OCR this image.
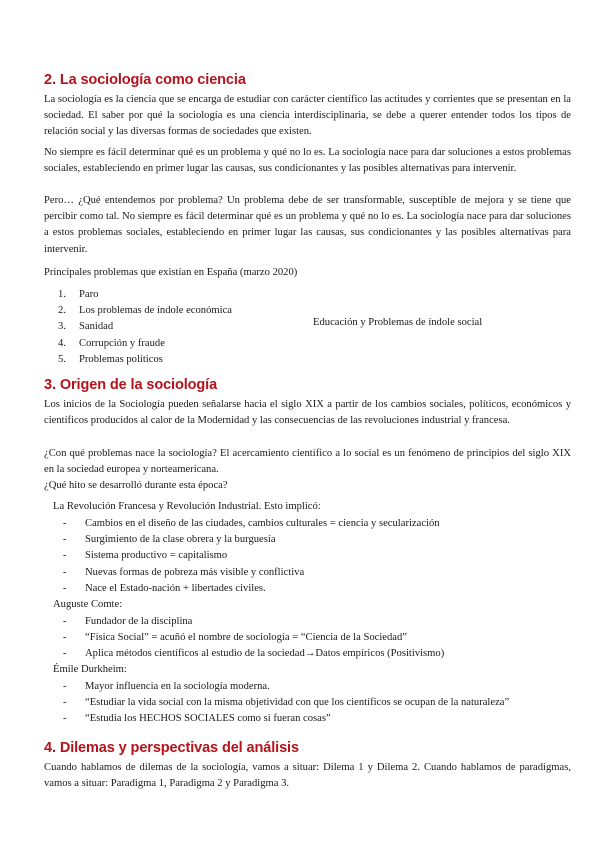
2. La sociología como ciencia

La sociología es la ciencia que se encarga de estudiar con carácter científico las actitudes y corrientes que se presentan en la sociedad. El saber por qué la sociología es una ciencia interdisciplinaria, se debe a querer entender todos los tipos de relación social y las diversas formas de sociedades que existen.

No siempre es fácil determinar qué es un problema y qué no lo es. La sociología nace para dar soluciones a estos problemas sociales, estableciendo en primer lugar las causas, sus condicionantes y las posibles alternativas para intervenir.

Pero… ¿Qué entendemos por problema? Un problema debe de ser transformable, susceptible de mejora y se tiene que percibir como tal. No siempre es fácil determinar qué es un problema y qué no lo es. La sociología nace para dar soluciones a estos problemas sociales, estableciendo en primer lugar las causas, sus condicionantes y las posibles alternativas para intervenir.

Principales problemas que existían en España (marzo 2020)

1. Paro
2. Los problemas de índole económica
3. Sanidad
4. Corrupción y fraude
5. Problemas políticos

Educación y Problemas de índole social

3. Origen de la sociología

Los inicios de la Sociología pueden señalarse hacia el siglo XIX a partir de los cambios sociales, políticos, económicos y científicos producidos al calor de la Modernidad y las consecuencias de las revoluciones industrial y francesa.

¿Con qué problemas nace la sociología? El acercamiento científico a lo social es un fenómeno de principios del siglo XIX en la sociedad europea y norteamericana.

¿Qué hito se desarrolló durante esta época?

La Revolución Francesa y Revolución Industrial. Esto implicó:

- Cambios en el diseño de las ciudades, cambios culturales = ciencia y secularización
- Surgimiento de la clase obrera y la burguesía
- Sistema productivo = capitalismo
- Nuevas formas de pobreza más visible y conflictiva
- Nace el Estado-nación + libertades civiles.

Auguste Comte:

- Fundador de la disciplina
- “Física Social” = acuñó el nombre de sociología = “Ciencia de la Sociedad”
- Aplica métodos científicos al estudio de la sociedad→Datos empíricos (Positivismo)

Émile Durkheim:

- Mayor influencia en la sociología moderna.
- “Estudiar la vida social con la misma objetividad con que los científicos se ocupan de la naturaleza”
- “Estudia los HECHOS SOCIALES como si fueran cosas”
4. Dilemas y perspectivas del análisis

Cuando hablamos de dilemas de la sociología, vamos a situar: Dilema 1 y Dilema 2. Cuando hablamos de paradigmas, vamos a situar: Paradigma 1, Paradigma 2 y Paradigma 3.
